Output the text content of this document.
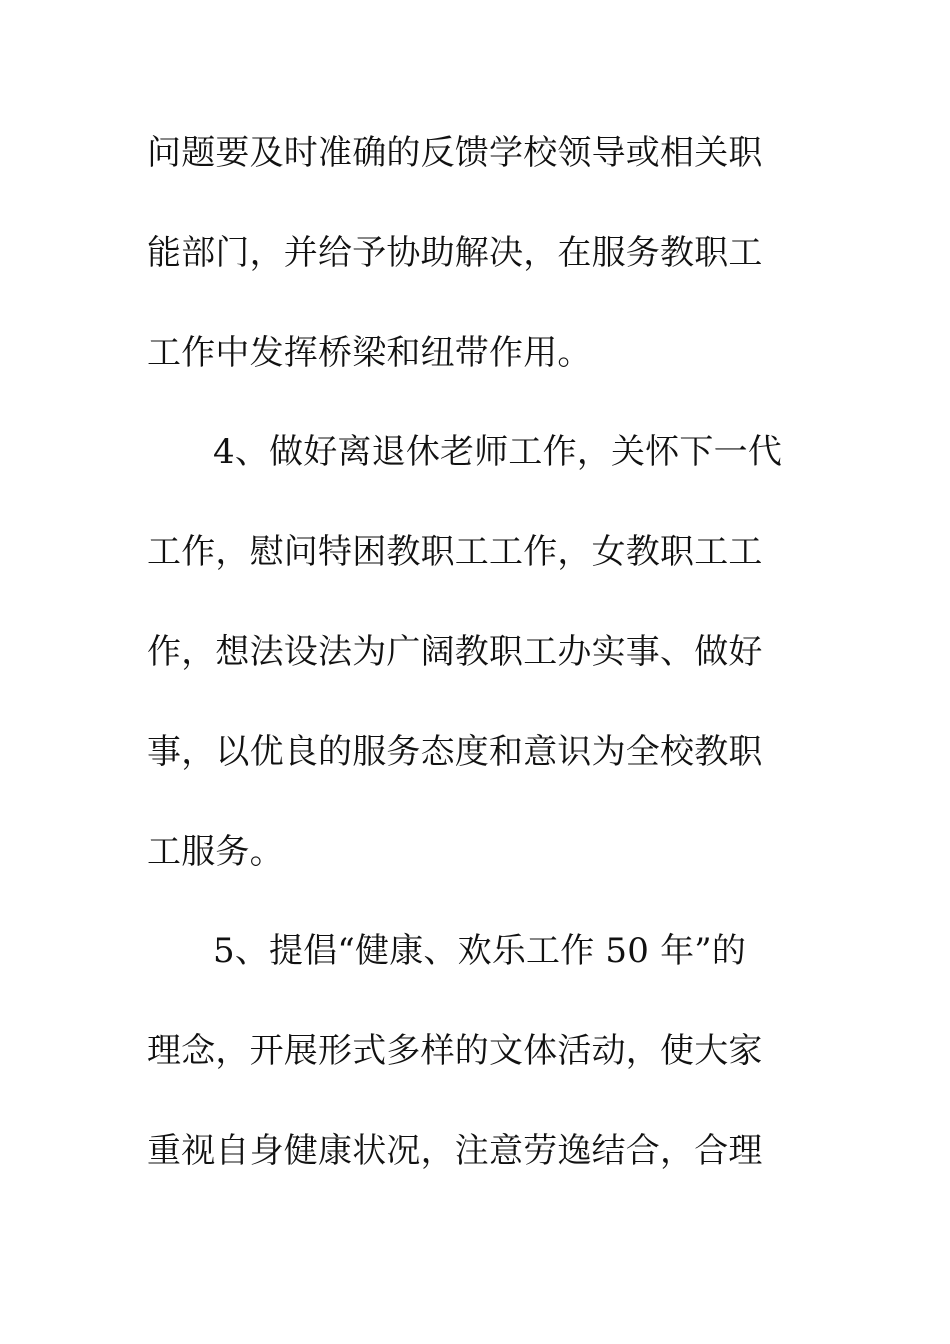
问题要及时准确的反馈学校领导或相关职
能部门，并给予协助解决，在服务教职工
工作中发挥桥梁和纽带作用。
4、做好离退休老师工作，关怀下一代
工作，慰问特困教职工工作，女教职工工
作，想法设法为广阔教职工办实事、做好
事，以优良的服务态度和意识为全校教职
工服务。
5、提倡“健康、欢乐工作 50 年”的
理念，开展形式多样的文体活动，使大家
重视自身健康状况，注意劳逸结合，合理
